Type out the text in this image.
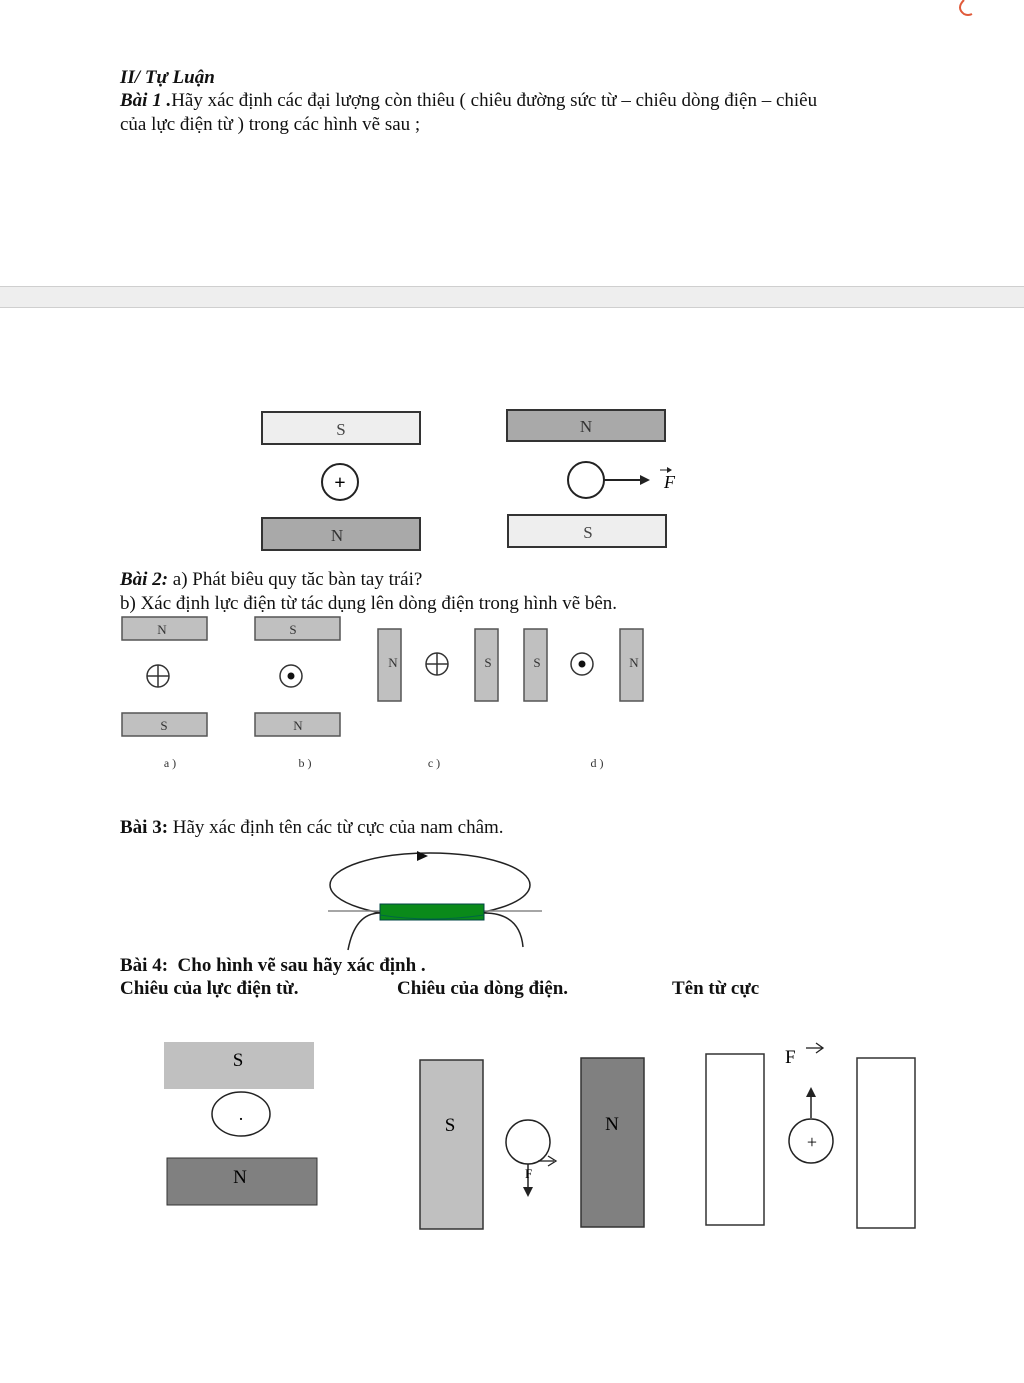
II/ Tự Luận
Bài 1 .Hãy xác định các đại lượng còn thiêu ( chiêu đường sức từ – chiêu dòng điện – chiêu
của lực điện từ ) trong các hình vẽ sau ;
S
+
N
N
F
S
Bài 2: a) Phát biêu quy tăc bàn tay trái?
b) Xác định lực điện từ tác dụng lên dòng điện trong hình vẽ bên.
N
S
a )
S
N
b )
N	S
c )
S	N
d )
Bài 3: Hãy xác định tên các từ cực của nam châm.
Bài 4: Cho hình vẽ sau hãy xác định .
Chiêu của lực điện từ.	Chiêu của dòng điện.	Tên từ cực
S
.
N
S
F
N
F
+
